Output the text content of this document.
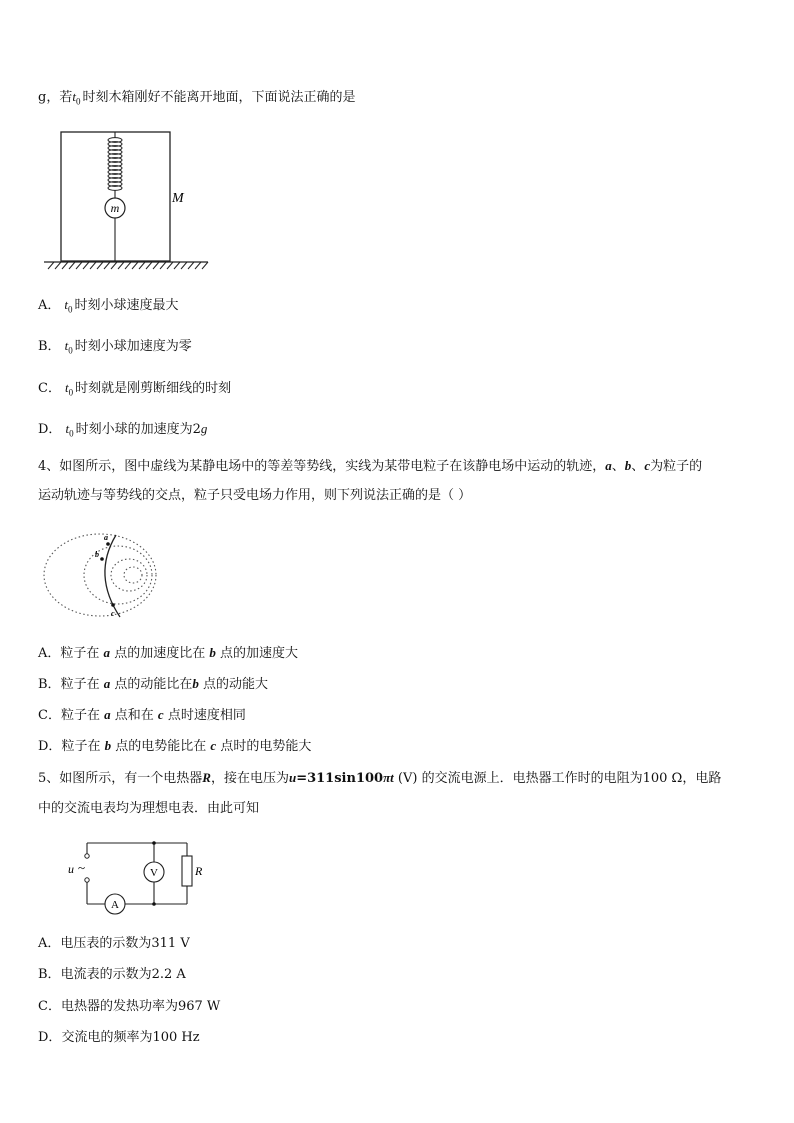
g，若$t_0$ 时刻木箱刚好不能离开地面，下面说法正确的是
m
M
A． $t_0$ 时刻小球速度最大
B． $t_0$ 时刻小球加速度为零
C． $t_0$ 时刻就是刚剪断细线的时刻
D． $t_0$ 时刻小球的加速度为2g
4、如图所示，图中虚线为某静电场中的等差等势线，实线为某带电粒子在该静电场中运动的轨迹，a、b、c为粒子的
运动轨迹与等势线的交点，粒子只受电场力作用，则下列说法正确的是（ ）
a
b
c
A．粒子在 a 点的加速度比在 b 点的加速度大
B．粒子在 a 点的动能比在b 点的动能大
C．粒子在 a 点和在 c 点时速度相同
D．粒子在 b 点的电势能比在 c 点时的电势能大
5、如图所示，有一个电热器R，接在电压为u=311sin100πt (V) 的交流电源上．电热器工作时的电阻为100 Ω，电路
中的交流电表均为理想电表．由此可知
u ~	V
A
R
A．电压表的示数为311 V
B．电流表的示数为2.2 A
C．电热器的发热功率为967 W
D．交流电的频率为100 Hz
